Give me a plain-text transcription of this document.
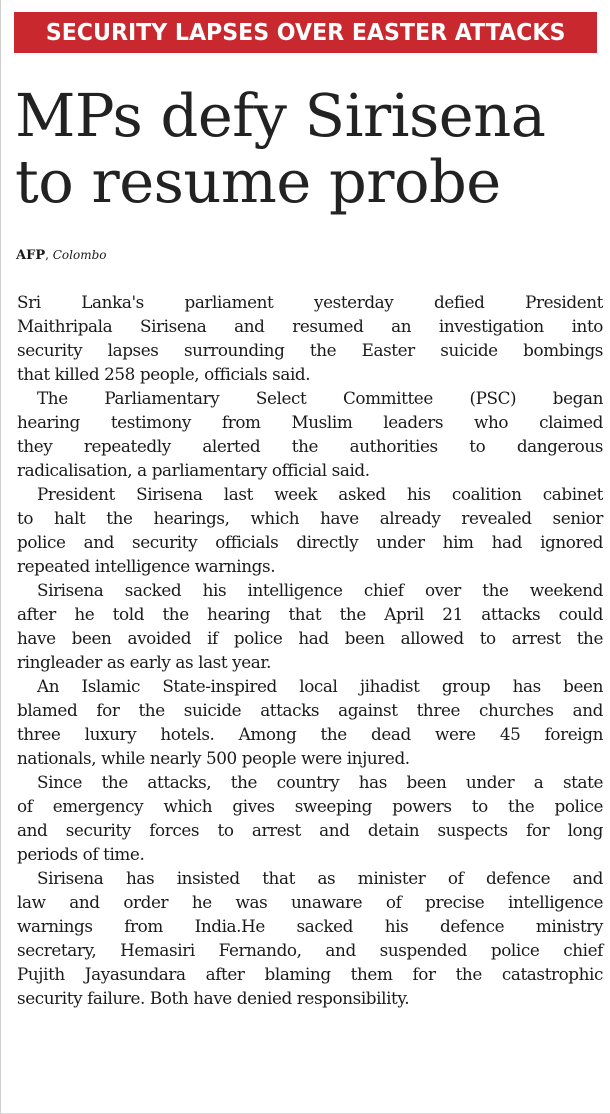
SECURITY LAPSES OVER EASTER ATTACKS
MPs defy Sirisena
to resume probe
AFP, Colombo
Sri Lanka's parliament yesterday defied President
Maithripala Sirisena and resumed an investigation into
security lapses surrounding the Easter suicide bombings
that killed 258 people, officials said.
The Parliamentary Select Committee (PSC) began
hearing testimony from Muslim leaders who claimed
they repeatedly alerted the authorities to dangerous
radicalisation, a parliamentary official said.
President Sirisena last week asked his coalition cabinet
to halt the hearings, which have already revealed senior
police and security officials directly under him had ignored
repeated intelligence warnings.
Sirisena sacked his intelligence chief over the weekend
after he told the hearing that the April 21 attacks could
have been avoided if police had been allowed to arrest the
ringleader as early as last year.
An Islamic State-inspired local jihadist group has been
blamed for the suicide attacks against three churches and
three luxury hotels. Among the dead were 45 foreign
nationals, while nearly 500 people were injured.
Since the attacks, the country has been under a state
of emergency which gives sweeping powers to the police
and security forces to arrest and detain suspects for long
periods of time.
Sirisena has insisted that as minister of defence and
law and order he was unaware of precise intelligence
warnings from India.He sacked his defence ministry
secretary, Hemasiri Fernando, and suspended police chief
Pujith Jayasundara after blaming them for the catastrophic
security failure. Both have denied responsibility.
